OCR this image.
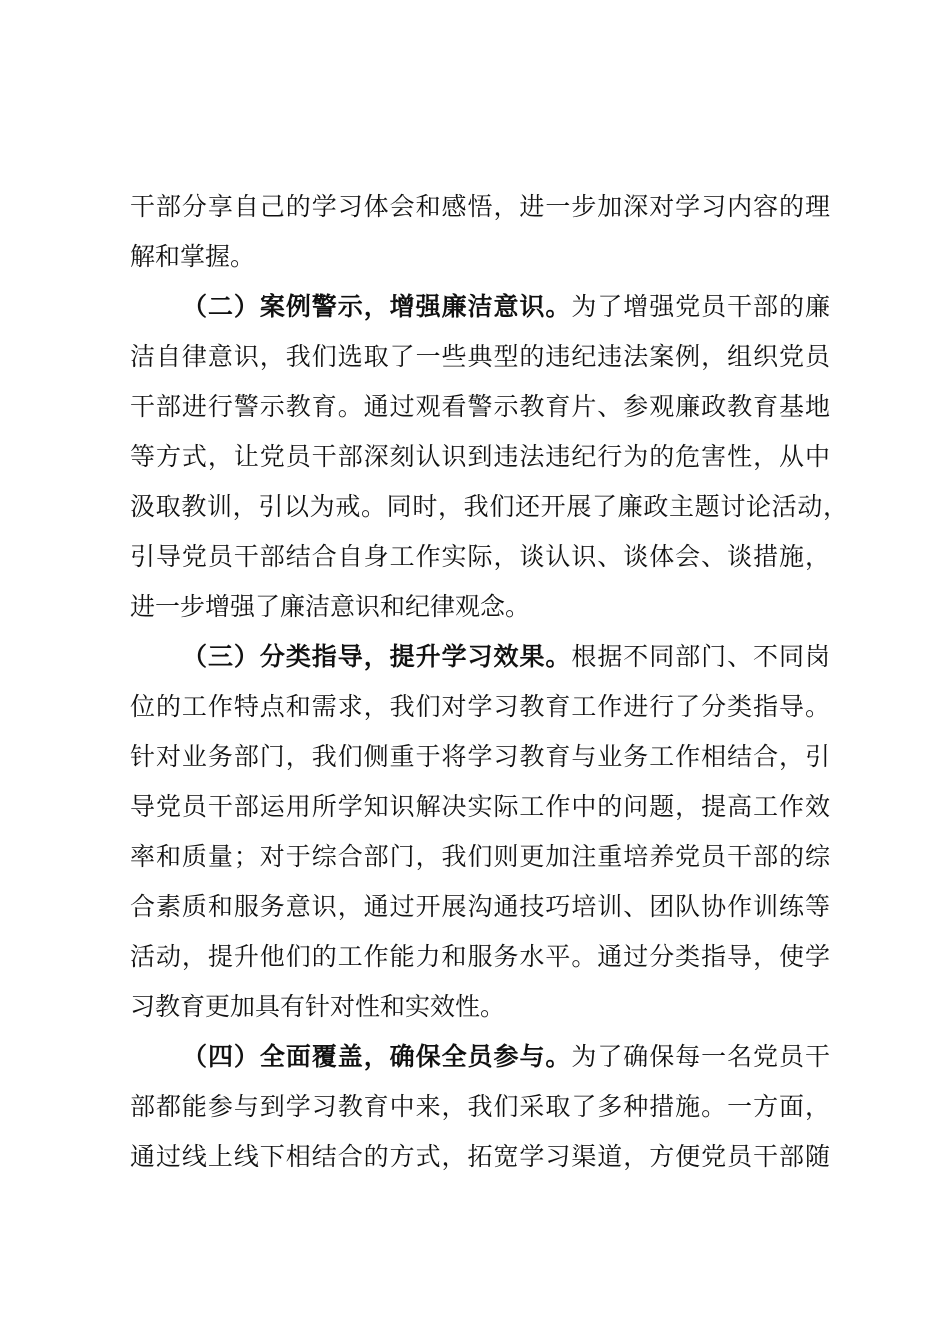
干部分享自己的学习体会和感悟，进一步加深对学习内容的理
解和掌握。
（二）案例警示，增强廉洁意识。为了增强党员干部的廉
洁自律意识，我们选取了一些典型的违纪违法案例，组织党员
干部进行警示教育。通过观看警示教育片、参观廉政教育基地
等方式，让党员干部深刻认识到违法违纪行为的危害性，从中
汲取教训，引以为戒。同时，我们还开展了廉政主题讨论活动，
引导党员干部结合自身工作实际，谈认识、谈体会、谈措施，
进一步增强了廉洁意识和纪律观念。
（三）分类指导，提升学习效果。根据不同部门、不同岗
位的工作特点和需求，我们对学习教育工作进行了分类指导。
针对业务部门，我们侧重于将学习教育与业务工作相结合，引
导党员干部运用所学知识解决实际工作中的问题，提高工作效
率和质量；对于综合部门，我们则更加注重培养党员干部的综
合素质和服务意识，通过开展沟通技巧培训、团队协作训练等
活动，提升他们的工作能力和服务水平。通过分类指导，使学
习教育更加具有针对性和实效性。
（四）全面覆盖，确保全员参与。为了确保每一名党员干
部都能参与到学习教育中来，我们采取了多种措施。一方面，
通过线上线下相结合的方式，拓宽学习渠道，方便党员干部随
